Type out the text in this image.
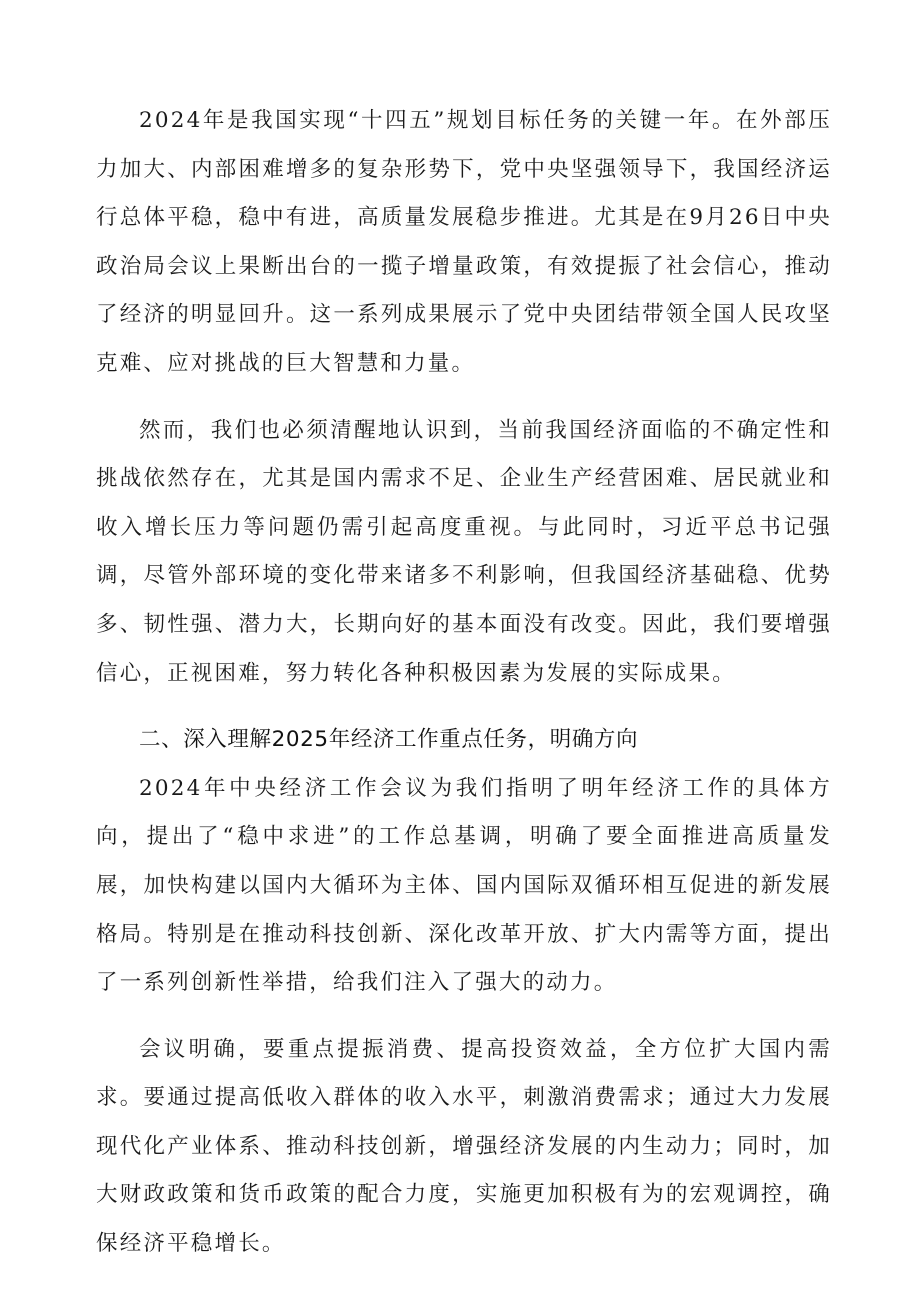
2024年是我国实现“十四五”规划目标任务的关键一年。在外部压力加大、内部困难增多的复杂形势下，党中央坚强领导下，我国经济运行总体平稳，稳中有进，高质量发展稳步推进。尤其是在9月26日中央政治局会议上果断出台的一揽子增量政策，有效提振了社会信心，推动了经济的明显回升。这一系列成果展示了党中央团结带领全国人民攻坚克难、应对挑战的巨大智慧和力量。

然而，我们也必须清醒地认识到，当前我国经济面临的不确定性和挑战依然存在，尤其是国内需求不足、企业生产经营困难、居民就业和收入增长压力等问题仍需引起高度重视。与此同时，习近平总书记强调，尽管外部环境的变化带来诸多不利影响，但我国经济基础稳、优势多、韧性强、潜力大，长期向好的基本面没有改变。因此，我们要增强信心，正视困难，努力转化各种积极因素为发展的实际成果。

二、深入理解2025年经济工作重点任务，明确方向

2024年中央经济工作会议为我们指明了明年经济工作的具体方向，提出了“稳中求进”的工作总基调，明确了要全面推进高质量发展，加快构建以国内大循环为主体、国内国际双循环相互促进的新发展格局。特别是在推动科技创新、深化改革开放、扩大内需等方面，提出了一系列创新性举措，给我们注入了强大的动力。

会议明确，要重点提振消费、提高投资效益，全方位扩大国内需求。要通过提高低收入群体的收入水平，刺激消费需求；通过大力发展现代化产业体系、推动科技创新，增强经济发展的内生动力；同时，加大财政政策和货币政策的配合力度，实施更加积极有为的宏观调控，确保经济平稳增长。
